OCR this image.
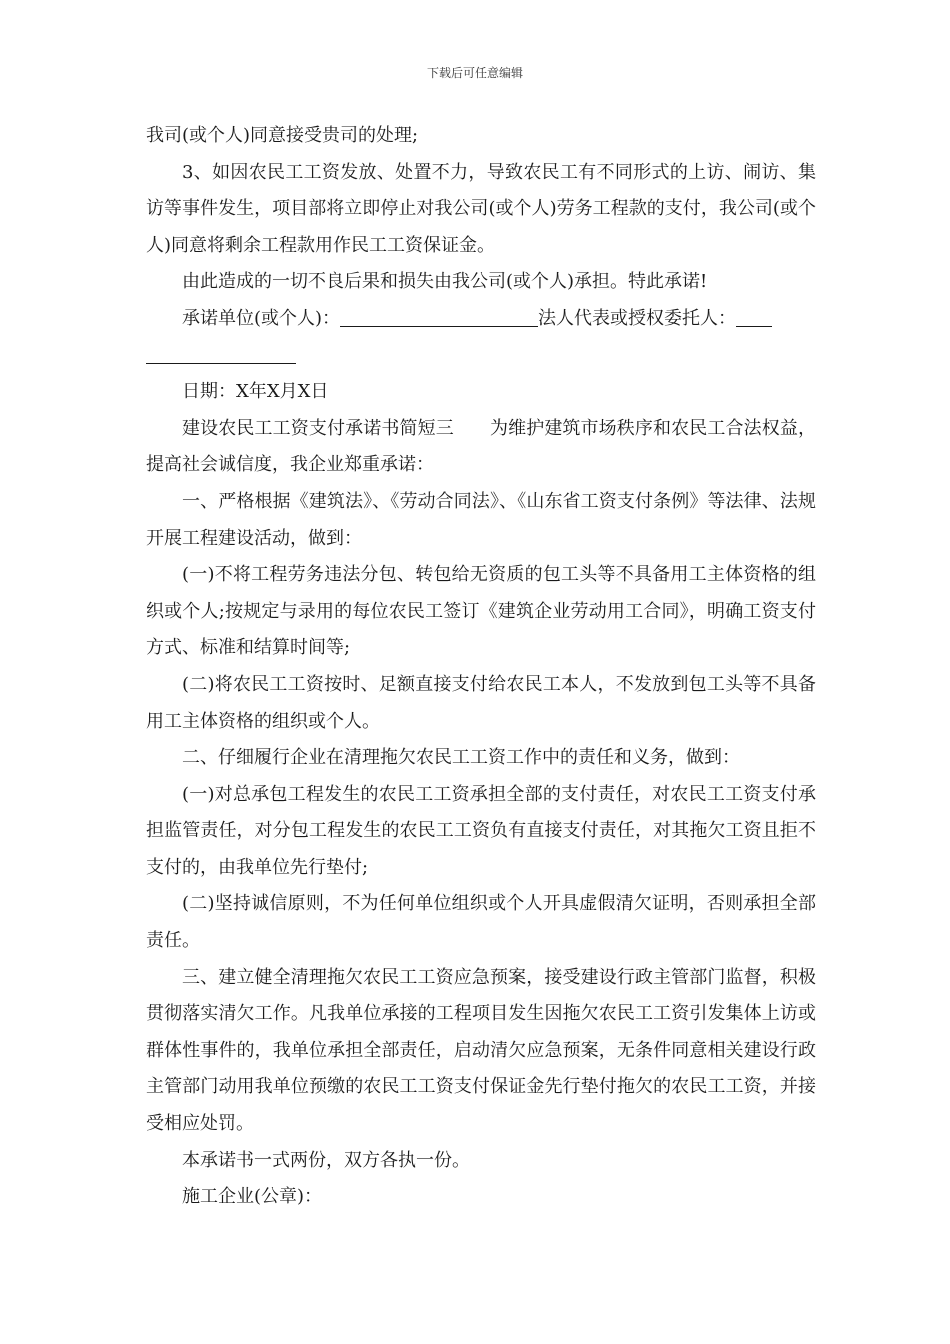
下载后可任意编辑

我司(或个人)同意接受贵司的处理;

3、如因农民工工资发放、处置不力，导致农民工有不同形式的上访、闹访、集访等事件发生，项目部将立即停止对我公司(或个人)劳务工程款的支付，我公司(或个人)同意将剩余工程款用作民工工资保证金。

由此造成的一切不良后果和损失由我公司(或个人)承担。特此承诺!

承诺单位(或个人)：	法人代表或授权委托人：

日期：X年X月X日

建设农民工工资支付承诺书简短三 为维护建筑市场秩序和农民工合法权益，提高社会诚信度，我企业郑重承诺：

一、严格根据《建筑法》、《劳动合同法》、《山东省工资支付条例》等法律、法规开展工程建设活动，做到：

(一)不将工程劳务违法分包、转包给无资质的包工头等不具备用工主体资格的组织或个人;按规定与录用的每位农民工签订《建筑企业劳动用工合同》，明确工资支付方式、标准和结算时间等;

(二)将农民工工资按时、足额直接支付给农民工本人，不发放到包工头等不具备用工主体资格的组织或个人。

二、仔细履行企业在清理拖欠农民工工资工作中的责任和义务，做到：

(一)对总承包工程发生的农民工工资承担全部的支付责任，对农民工工资支付承担监管责任，对分包工程发生的农民工工资负有直接支付责任，对其拖欠工资且拒不支付的，由我单位先行垫付;

(二)坚持诚信原则，不为任何单位组织或个人开具虚假清欠证明，否则承担全部责任。

三、建立健全清理拖欠农民工工资应急预案，接受建设行政主管部门监督，积极贯彻落实清欠工作。凡我单位承接的工程项目发生因拖欠农民工工资引发集体上访或群体性事件的，我单位承担全部责任，启动清欠应急预案，无条件同意相关建设行政主管部门动用我单位预缴的农民工工资支付保证金先行垫付拖欠的农民工工资，并接受相应处罚。

本承诺书一式两份，双方各执一份。

施工企业(公章)：
